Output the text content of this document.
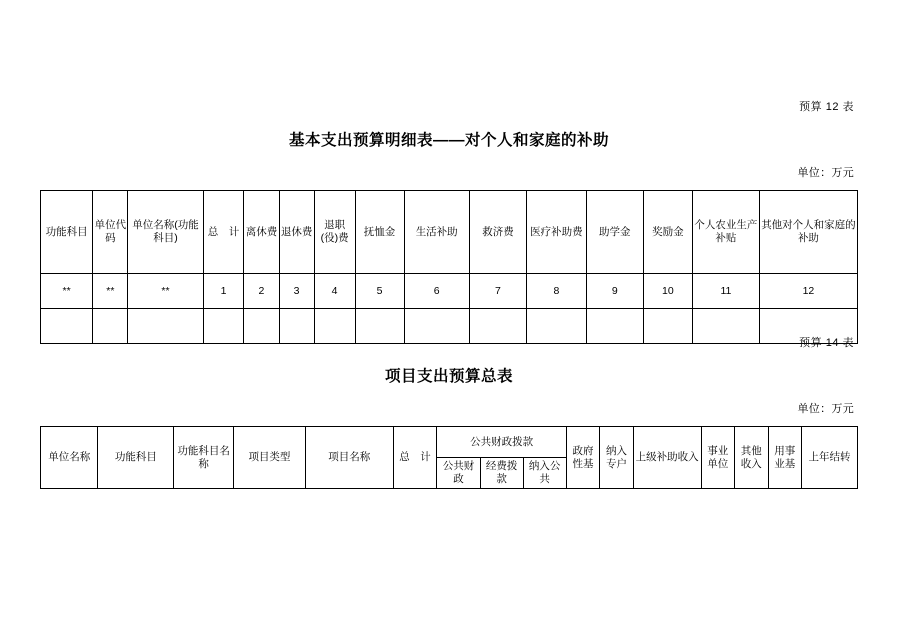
预算 12 表
基本支出预算明细表——对个人和家庭的补助
单位：万元
功能科目	单位代码	单位名称(功能科目)	总　计	离休费	退休费	退职(役)费	抚恤金	生活补助	救济费	医疗补助费	助学金	奖励金	个人农业生产补贴	其他对个人和家庭的补助
**	**	**	1	2	3	4	5	6	7	8	9	10	11	12

预算 14 表
项目支出预算总表
单位：万元
单位名称	功能科目	功能科目名称	项目类型	项目名称	总　计	公共财政拨款			政府性基	纳入专户	上级补助收入	事业单位	其他收入	用事业基	上年结转
						公共财政	经费拨款	纳入公共							
